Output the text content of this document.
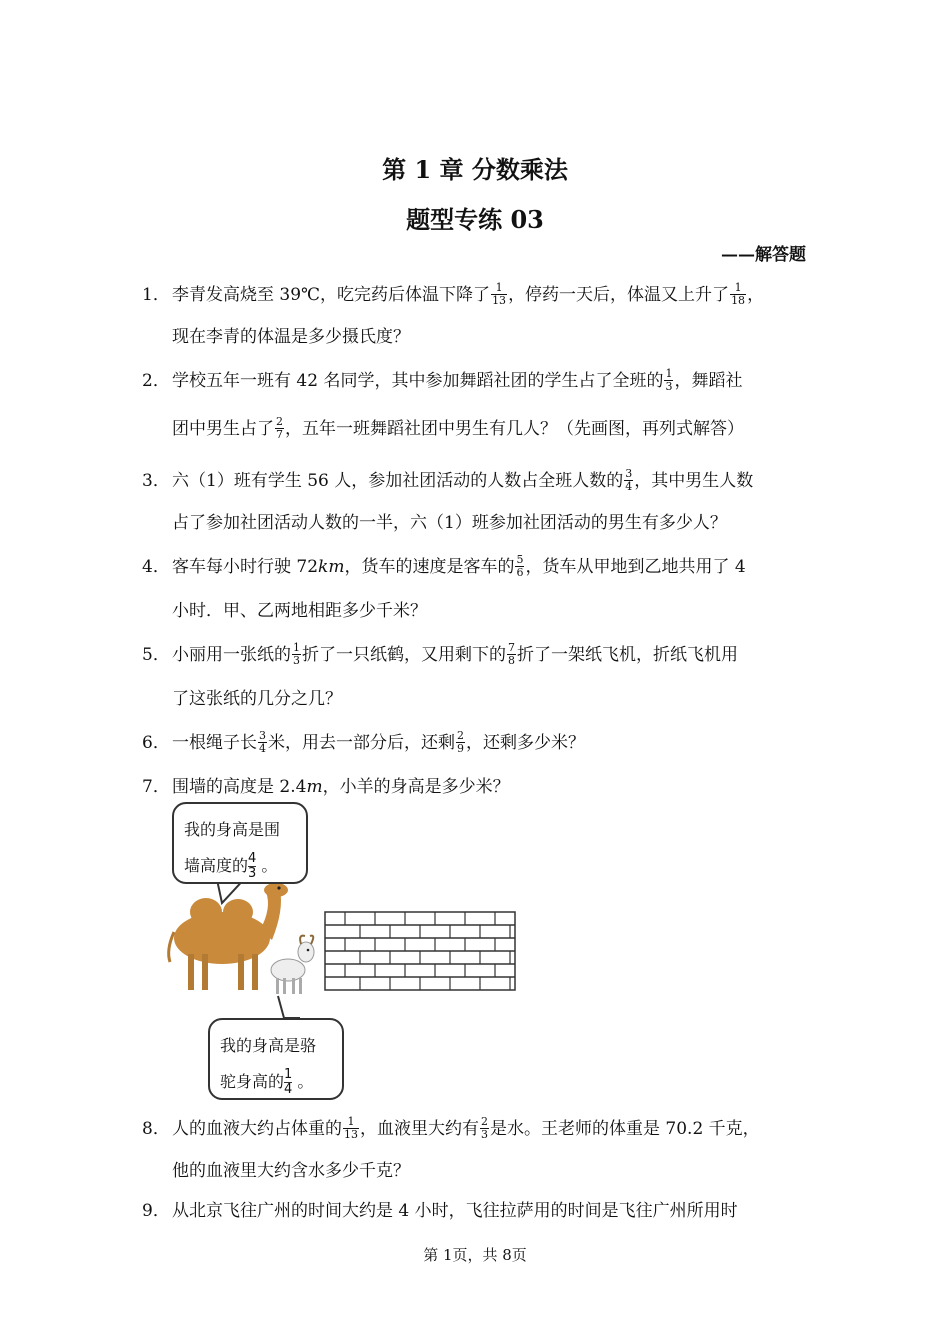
第 1 章 分数乘法
题型专练 03
——解答题
1． 李青发高烧至 39℃，吃完药后体温下降了 $\frac{1}{13}$ ，停药一天后，体温又上升了 $\frac{1}{18}$ ，
现在李青的体温是多少摄氏度？
2． 学校五年一班有 42 名同学，其中参加舞蹈社团的学生占了全班的 $\frac{1}{3}$ ，舞蹈社
团中男生占了 $\frac{2}{7}$ ，五年一班舞蹈社团中男生有几人？（先画图，再列式解答）
3． 六（1）班有学生 56 人，参加社团活动的人数占全班人数的 $\frac{3}{4}$ ，其中男生人数
占了参加社团活动人数的一半，六（1）班参加社团活动的男生有多少人？
4． 客车每小时行驶 72km，货车的速度是客车的 $\frac{5}{6}$ ，货车从甲地到乙地共用了 4
小时．甲、乙两地相距多少千米？
5． 小丽用一张纸的 $\frac{1}{3}$ 折了一只纸鹤，又用剩下的 $\frac{7}{8}$ 折了一架纸飞机，折纸飞机用
了这张纸的几分之几？
6． 一根绳子长 $\frac{3}{4}$ 米，用去一部分后，还剩 $\frac{2}{9}$ ，还剩多少米？
7． 围墙的高度是 2.4m，小羊的身高是多少米？
我的身高是围
墙高度的 $\frac{4}{3}$ 。
我的身高是骆
驼身高的 $\frac{1}{4}$ 。
8． 人的血液大约占体重的 $\frac{1}{13}$ ，血液里大约有 $\frac{2}{3}$ 是水。王老师的体重是 70.2 千克，
他的血液里大约含水多少千克？
9． 从北京飞往广州的时间大约是 4 小时，飞往拉萨用的时间是飞往广州所用时
第 1页，共 8页
